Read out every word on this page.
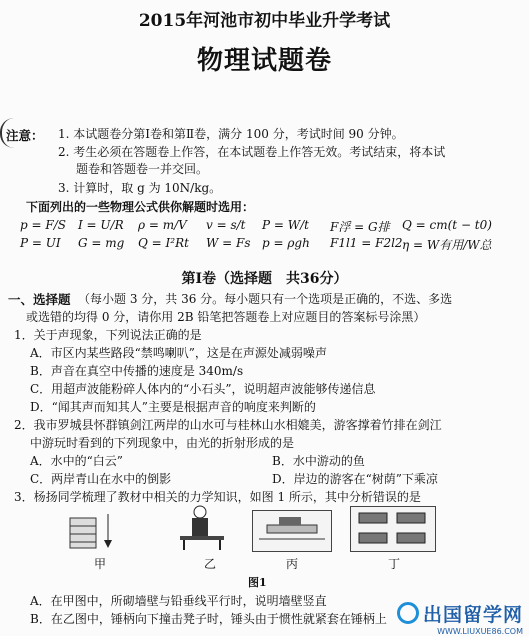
2015年河池市初中毕业升学考试
物理试题卷
注意： 1. 本试题卷分第Ⅰ卷和第Ⅱ卷，满分 100 分，考试时间 90 分钟。
2. 考生必须在答题卷上作答，在本试题卷上作答无效。考试结束，将本试
题卷和答题卷一并交回。
3. 计算时，取 g 为 10N/kg。
下面列出的一些物理公式供你解题时选用：
p = F/S I = U/R ρ = m/V v = s/t P = W/t F浮 = G排 Q = cm(t − t0)
P = UI G = mg Q = I²Rt W = Fs p = ρgh F1l1 = F2l2 η = W有用/W总
第Ⅰ卷（选择题　共36分）
一、选择题 （每小题 3 分，共 36 分。每小题只有一个选项是正确的，不选、多选
或选错的均得 0 分，请你用 2B 铅笔把答题卷上对应题目的答案标号涂黑）
1．关于声现象，下列说法正确的是
A．市区内某些路段“禁鸣喇叭”，这是在声源处减弱噪声
B．声音在真空中传播的速度是 340m/s
C．用超声波能粉碎人体内的“小石头”，说明超声波能够传递信息
D．“闻其声而知其人”主要是根据声音的响度来判断的
2．我市罗城县怀群镇剑江两岸的山水可与桂林山水相媲美，游客撑着竹排在剑江
中游玩时看到的下列现象中，由光的折射形成的是
A．水中的“白云”	B．水中游动的鱼
C．两岸青山在水中的倒影	D．岸边的游客在“树荫”下乘凉
3．杨扬同学梳理了教材中相关的力学知识，如图 1 所示，其中分析错误的是
甲	乙	丙	丁
图1
A．在甲图中，所砌墙壁与铅垂线平行时，说明墙壁竖直
B．在乙图中，锤柄向下撞击凳子时，锤头由于惯性就紧套在锤柄上 出国留学网
WWW.LIUXUE86.COM
